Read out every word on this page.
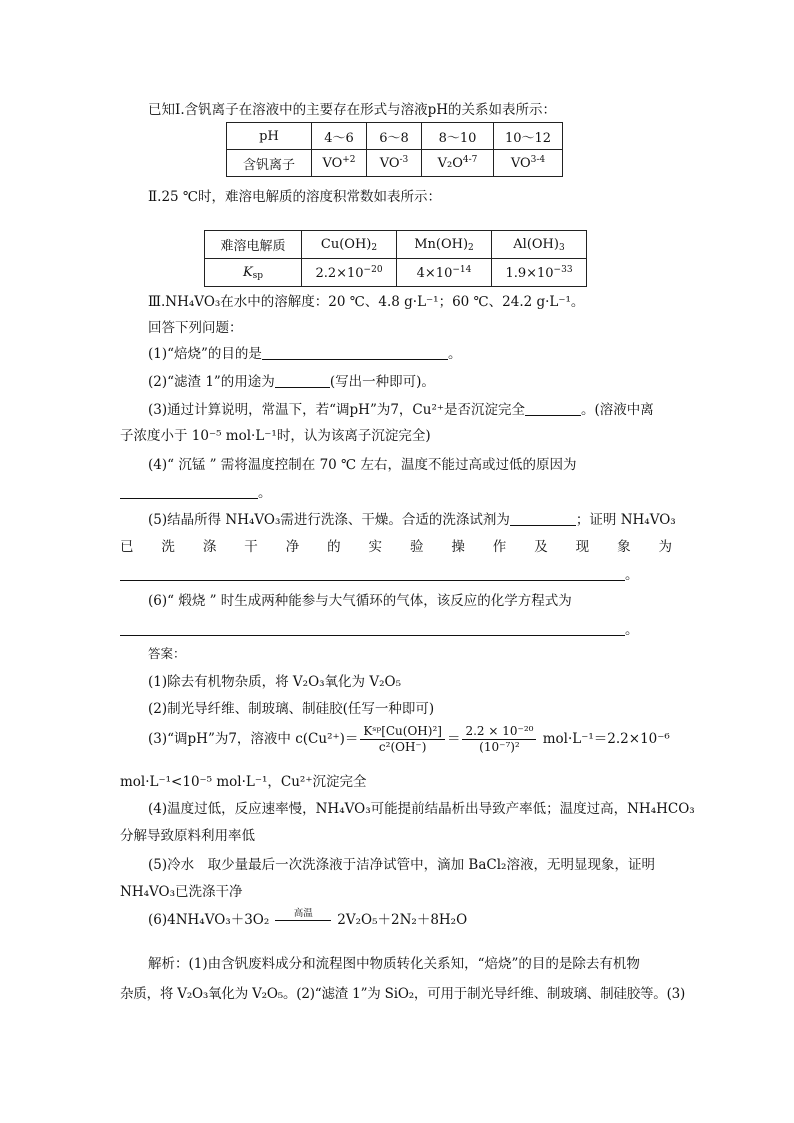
已知Ⅰ.含钒离子在溶液中的主要存在形式与溶液pH的关系如表所示：
pH	4～6	6～8	8～10	10～12
含钒离子	$VO^{+2}$	$VO^{-3}$	$V_2O^{4-7}$	VO$^{3-4}$
Ⅱ.25 ℃时，难溶电解质的溶度积常数如表所示：
难溶电解质	$Cu(OH)_2$	$Mn(OH)_2$	$Al(OH)_3$
$K_{sp}$	$2.2\times 10^{-20}$	$4\times 10^{-14}$	$1.9\times 10^{-33}$
Ⅲ.NH₄VO₃在水中的溶解度：20 ℃、4.8 g·L⁻¹；60 ℃、24.2 g·L⁻¹。
回答下列问题：
(1)“焙烧”的目的是	。
(2)“滤渣 1”的用途为	(写出一种即可)。
(3)通过计算说明，常温下，若“调pH”为7，Cu²⁺是否沉淀完全	。(溶液中离
子浓度小于 10⁻⁵ mol·L⁻¹时，认为该离子沉淀完全)
(4)“ 沉锰 ” 需将温度控制在 70 ℃ 左右，温度不能过高或过低的原因为
。
(5)结晶所得 NH₄VO₃需进行洗涤、干燥。合适的洗涤试剂为	；证明 NH₄VO₃
已 洗 涤 干 净 的 实 验 操 作 及 现 象 为
。
(6)“ 煅烧 ” 时生成两种能参与大气循环的气体，该反应的化学方程式为
。
答案：
(1)除去有机物杂质，将 V₂O₃氧化为 V₂O₅
(2)制光导纤维、制玻璃、制硅胶(任写一种即可)
(3)“调pH”为7，溶液中 $c(Cu^{2+})= \frac{\text{Kˢᵖ[Cu(OH)²]}}{\text{c²(OH⁻)}} = \frac{\text{2.2 × 10⁻²⁰}}{\text{(10⁻⁷)²}} mol\cdot L^{-1}=2.2\times 10^{-6}$
mol·L⁻¹<10⁻⁵ mol·L⁻¹，Cu²⁺沉淀完全
(4)温度过低，反应速率慢，NH₄VO₃可能提前结晶析出导致产率低；温度过高，NH₄HCO₃
分解导致原料利用率低
(5)冷水　取少量最后一次洗涤液于洁净试管中，滴加 BaCl₂溶液，无明显现象，证明
NH₄VO₃已洗涤干净
(6)4NH₄VO₃＋3O₂	高温	2V₂O₅＋2N₂＋8H₂O
解析：(1)由含钒废料成分和流程图中物质转化关系知，“焙烧”的目的是除去有机物
杂质，将 V₂O₃氧化为 V₂O₅。(2)“滤渣 1”为 SiO₂，可用于制光导纤维、制玻璃、制硅胶等。(3)
